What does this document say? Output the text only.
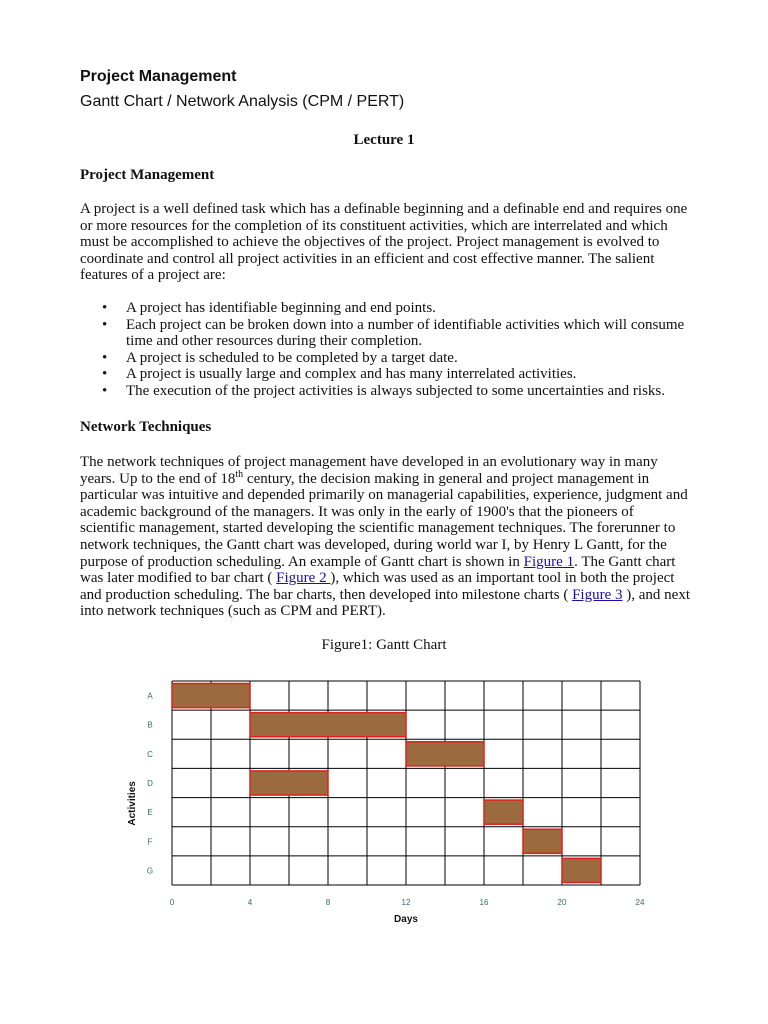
Project Management
Gantt Chart / Network Analysis (CPM / PERT)
Lecture 1
Project Management

A project is a well defined task which has a definable beginning and a definable end and requires one or more resources for the completion of its constituent activities, which are interrelated and which must be accomplished to achieve the objectives of the project. Project management is evolved to coordinate and control all project activities in an efficient and cost effective manner. The salient features of a project are:

• A project has identifiable beginning and end points.
• Each project can be broken down into a number of identifiable activities which will consume time and other resources during their completion.
• A project is scheduled to be completed by a target date.
• A project is usually large and complex and has many interrelated activities.
• The execution of the project activities is always subjected to some uncertainties and risks.
Network Techniques

The network techniques of project management have developed in an evolutionary way in many years. Up to the end of 18th century, the decision making in general and project management in particular was intuitive and depended primarily on managerial capabilities, experience, judgment and academic background of the managers. It was only in the early of 1900's that the pioneers of scientific management, started developing the scientific management techniques. The forerunner to network techniques, the Gantt chart was developed, during world war I, by Henry L Gantt, for the purpose of production scheduling. An example of Gantt chart is shown in Figure 1. The Gantt chart was later modified to bar chart ( Figure 2 ), which was used as an important tool in both the project and production scheduling. The bar charts, then developed into milestone charts ( Figure 3 ), and next into network techniques (such as CPM and PERT).

Figure1: Gantt Chart
A
B
C
D
E
F
G
0	4	8	12	16	20	24
Days
Activities
